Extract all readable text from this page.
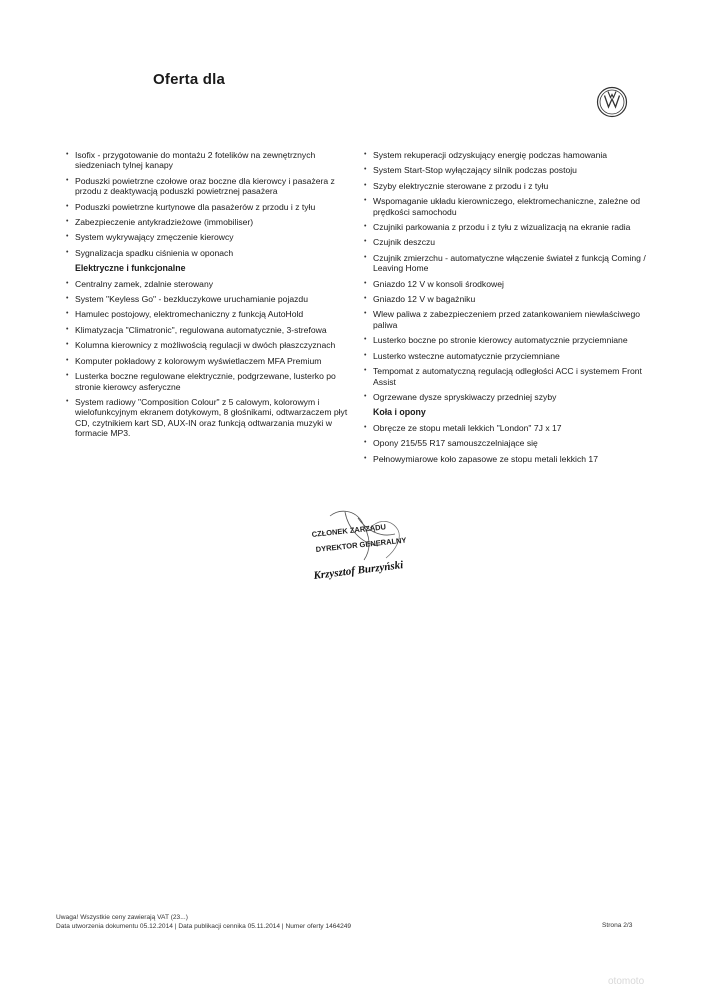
Oferta dla
• Isofix - przygotowanie do montażu 2 fotelików na zewnętrznych siedzeniach tylnej kanapy
• Poduszki powietrzne czołowe oraz boczne dla kierowcy i pasażera z przodu z deaktywacją poduszki powietrznej pasażera
• Poduszki powietrzne kurtynowe dla pasażerów z przodu i z tyłu
• Zabezpieczenie antykradzieżowe (immobiliser)
• System wykrywający zmęczenie kierowcy
• Sygnalizacja spadku ciśnienia w oponach
Elektryczne i funkcjonalne
• Centralny zamek, zdalnie sterowany
• System "Keyless Go" - bezkluczykowe uruchamianie pojazdu
• Hamulec postojowy, elektromechaniczny z funkcją AutoHold
• Klimatyzacja "Climatronic", regulowana automatycznie, 3-strefowa
• Kolumna kierownicy z możliwością regulacji w dwóch płaszczyznach
• Komputer pokładowy z kolorowym wyświetlaczem MFA Premium
• Lusterka boczne regulowane elektrycznie, podgrzewane, lusterko po stronie kierowcy asferyczne
• System radiowy "Composition Colour" z 5 calowym, kolorowym i wielofunkcyjnym ekranem dotykowym, 8 głośnikami, odtwarzaczem płyt CD, czytnikiem kart SD, AUX-IN oraz funkcją odtwarzania muzyki w formacie MP3.
• System rekuperacji odzyskujący energię podczas hamowania
• System Start-Stop wyłączający silnik podczas postoju
• Szyby elektrycznie sterowane z przodu i z tyłu
• Wspomaganie układu kierowniczego, elektromechaniczne, zależne od prędkości samochodu
• Czujniki parkowania z przodu i z tyłu z wizualizacją na ekranie radia
• Czujnik deszczu
• Czujnik zmierzchu - automatyczne włączenie świateł z funkcją Coming / Leaving Home
• Gniazdo 12 V w konsoli środkowej
• Gniazdo 12 V w bagażniku
• Wlew paliwa z zabezpieczeniem przed zatankowaniem niewłaściwego paliwa
• Lusterko boczne po stronie kierowcy automatycznie przyciemniane
• Lusterko wsteczne automatycznie przyciemniane
• Tempomat z automatyczną regulacją odległości ACC i systemem Front Assist
• Ogrzewane dysze spryskiwaczy przedniej szyby
Koła i opony
• Obręcze ze stopu metali lekkich "London" 7J x 17
• Opony 215/55 R17 samouszczelniające się
• Pełnowymiarowe koło zapasowe ze stopu metali lekkich 17
CZŁONEK ZARZĄDU
DYREKTOR GENERALNY
Krzysztof Burzyński
Uwaga! Wszystkie ceny zawierają VAT (23...)
Data utworzenia dokumentu 05.12.2014 | Data publikacji cennika 05.11.2014 | Numer oferty 1464249	Strona 2/3
otomoto
